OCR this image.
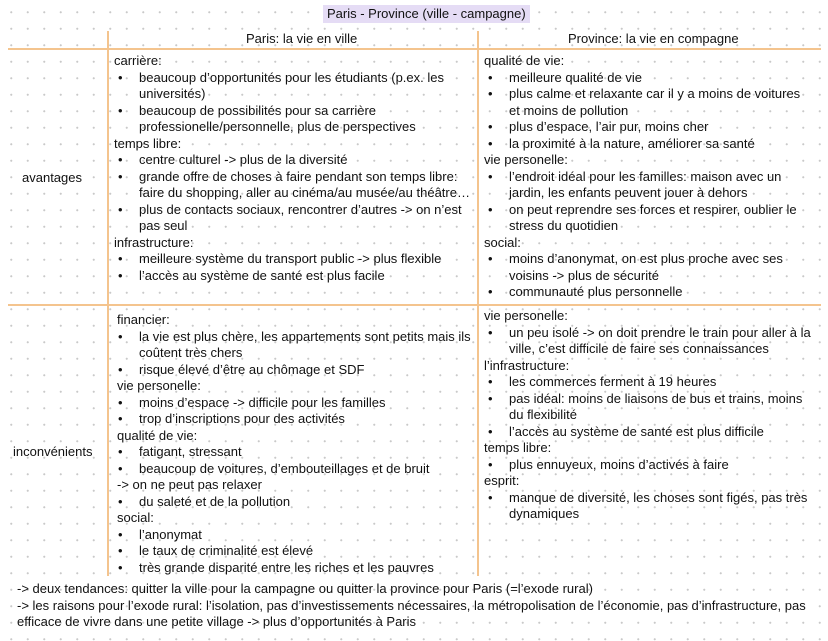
Paris - Province (ville - campagne)
Paris: la vie en ville	Province: la vie en compagne
avantages
inconvénients

carrière:

• beaucoup d’opportunités pour les étudiants (p.ex. les universités)
• beaucoup de possibilités pour sa carrière professionelle/personnelle, plus de perspectives

temps libre:

• centre culturel -> plus de la diversité
• grande offre de choses à faire pendant son temps libre: faire du shopping, aller au cinéma/au musée/au théâtre…
• plus de contacts sociaux, rencontrer d’autres -> on n’est pas seul

infrastructure:

• meilleure système du transport public -> plus flexible
• l’accès au système de santé est plus facile

qualité de vie:

• meilleure qualité de vie
• plus calme et relaxante car il y a moins de voitures et moins de pollution
• plus d’espace, l’air pur, moins cher
• la proximité à la nature, améliorer sa santé

vie personelle:

• l’endroit idéal pour les familles: maison avec un jardin, les enfants peuvent jouer à dehors
• on peut reprendre ses forces et respirer, oublier le stress du quotidien

social:

• moins d’anonymat, on est plus proche avec ses voisins -> plus de sécurité
• communauté plus personnelle

financier:

• la vie est plus chère, les appartements sont petits mais ils coûtent très chers
• risque élevé d’être au chômage et SDF

vie personelle:

• moins d’espace -> difficile pour les familles
• trop d’inscriptions pour des activités

qualité de vie:

• fatigant, stressant
• beaucoup de voitures, d’embouteillages et de bruit

-> on ne peut pas relaxer

• du saleté et de la pollution

social:

• l’anonymat
• le taux de criminalité est élevé
• très grande disparité entre les riches et les pauvres

vie personelle:

• un peu isolé -> on doit prendre le train pour aller à la ville, c’est difficile de faire ses connaissances

l’infrastructure:

• les commerces ferment à 19 heures
• pas idéal: moins de liaisons de bus et trains, moins du flexibilité
• l’accès au système de santé est plus difficile

temps libre:

• plus ennuyeux, moins d’activés à faire

esprit:

• manque de diversité, les choses sont figés, pas très dynamiques

-> deux tendances: quitter la ville pour la campagne ou quitter la province pour Paris (=l’exode rural)

-> les raisons pour l’exode rural: l’isolation, pas d’investissements nécessaires, la métropolisation de l’économie, pas d’infrastructure, pas efficace de vivre dans une petite village -> plus d’opportunités à Paris
